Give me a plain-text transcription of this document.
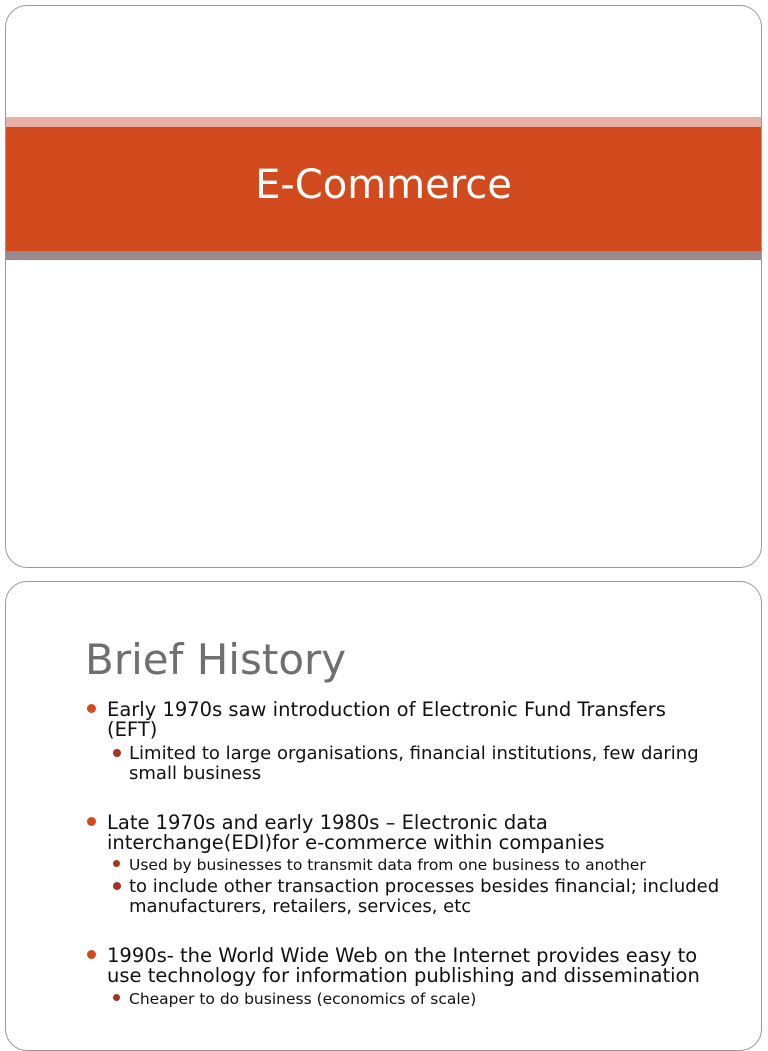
E-Commerce
Brief History
Early 1970s saw introduction of Electronic Fund Transfers (EFT)
Limited to large organisations, financial institutions, few daring small business
Late 1970s and early 1980s – Electronic data interchange(EDI)for e-commerce within companies
Used by businesses to transmit data from one business to another
to include other transaction processes besides financial; included manufacturers, retailers, services, etc
1990s- the World Wide Web on the Internet provides easy to use technology for information publishing and dissemination
Cheaper to do business (economics of scale)
